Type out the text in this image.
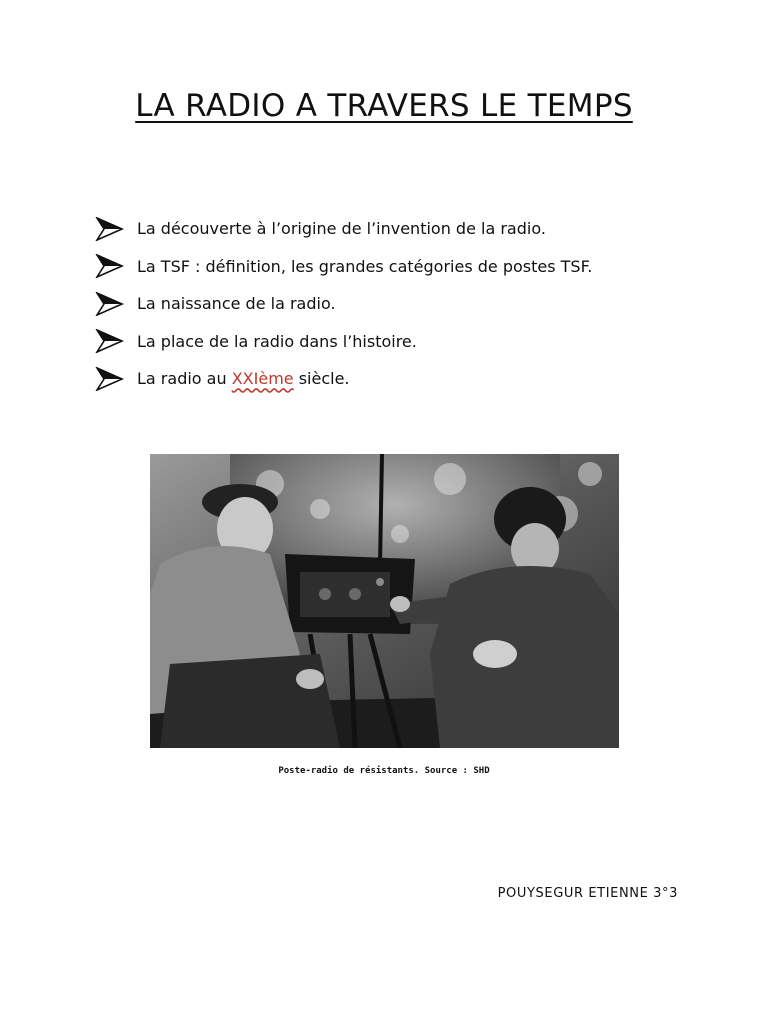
LA RADIO A TRAVERS LE TEMPS
La découverte à l’origine de l’invention de la radio.
La TSF : définition, les grandes catégories de postes TSF.
La naissance de la radio.
La place de la radio dans l’histoire.
La radio au XXIème siècle.
Poste-radio de résistants. Source : SHD
POUYSEGUR ETIENNE 3°3
